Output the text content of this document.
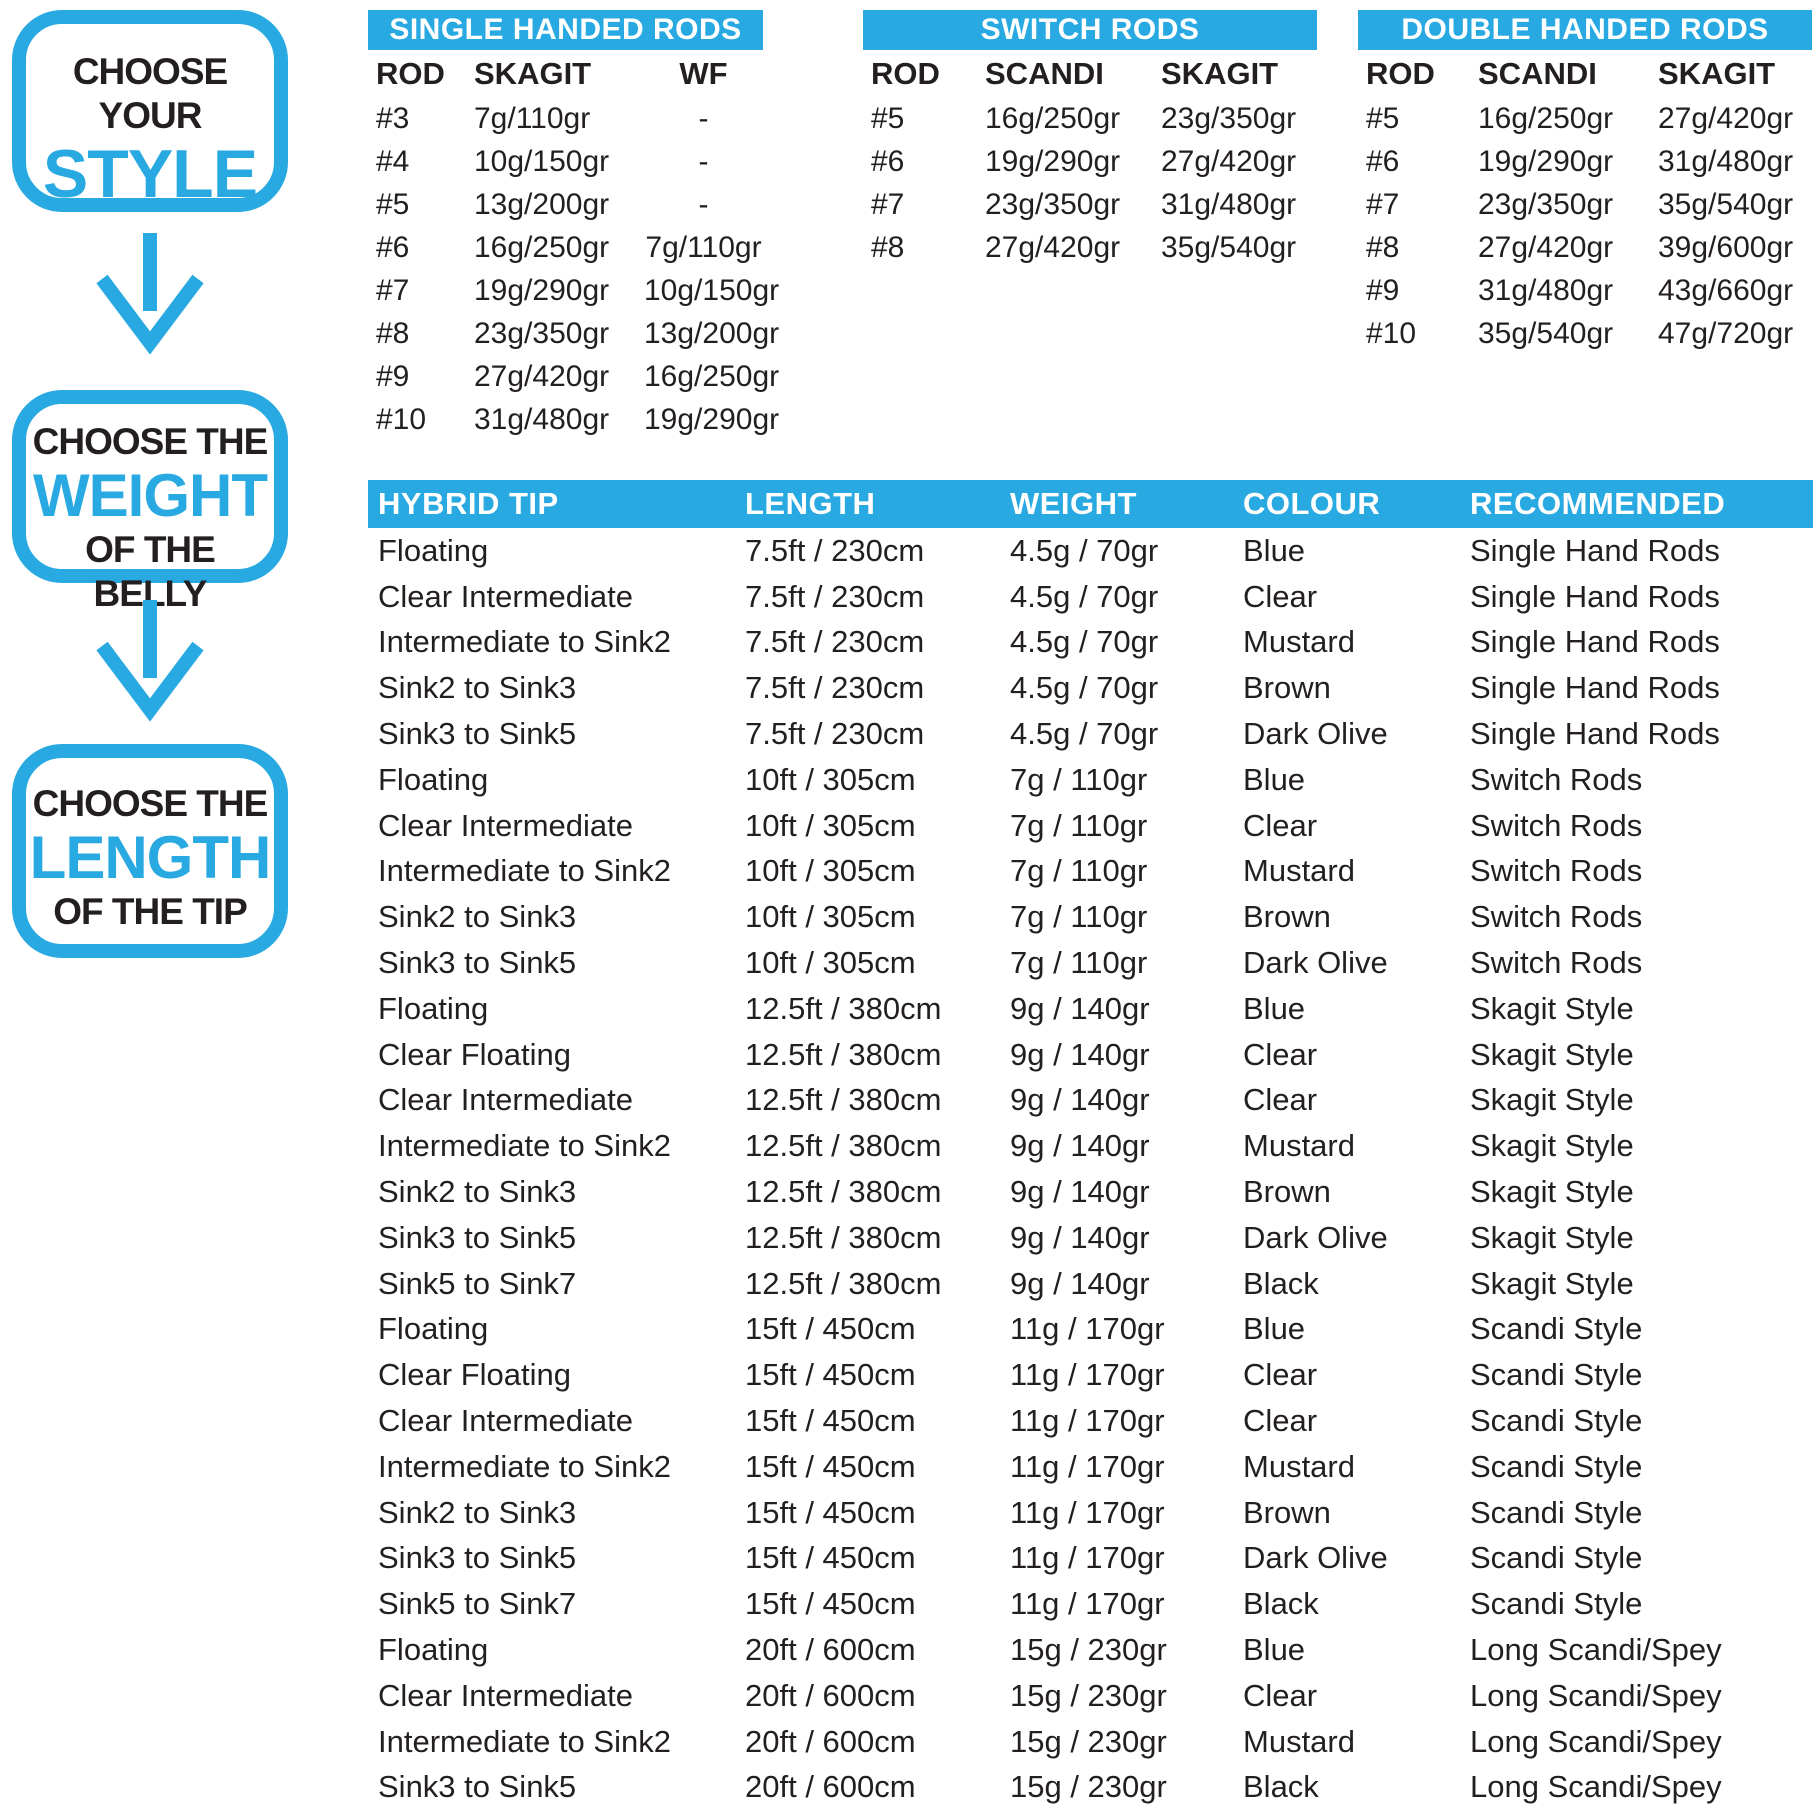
CHOOSE YOUR
STYLE
CHOOSE THE
WEIGHT
OF THE BELLY
CHOOSE THE
LENGTH
OF THE TIP
SINGLE HANDED RODS
ROD SKAGIT	WF
#3	7g/110gr	-
#4	10g/150gr	-
#5	13g/200gr	-
#6	16g/250gr	7g/110gr
#7	19g/290gr	10g/150gr
#8	23g/350gr	13g/200gr
#9	27g/420gr	16g/250gr
#10	31g/480gr	19g/290gr
SWITCH RODS
ROD	SCANDI	SKAGIT
#5	16g/250gr	23g/350gr
#6	19g/290gr	27g/420gr
#7	23g/350gr	31g/480gr
#8	27g/420gr	35g/540gr
DOUBLE HANDED RODS
ROD	SCANDI	SKAGIT
#5	16g/250gr	27g/420gr
#6	19g/290gr	31g/480gr
#7	23g/350gr	35g/540gr
#8	27g/420gr	39g/600gr
#9	31g/480gr	43g/660gr
#10	35g/540gr	47g/720gr
HYBRID TIP	LENGTH	WEIGHT	COLOUR	RECOMMENDED
Floating	7.5ft / 230cm	4.5g / 70gr	Blue	Single Hand Rods
Clear Intermediate	7.5ft / 230cm	4.5g / 70gr	Clear	Single Hand Rods
Intermediate to Sink2	7.5ft / 230cm	4.5g / 70gr	Mustard	Single Hand Rods
Sink2 to Sink3	7.5ft / 230cm	4.5g / 70gr	Brown	Single Hand Rods
Sink3 to Sink5	7.5ft / 230cm	4.5g / 70gr	Dark Olive	Single Hand Rods
Floating	10ft / 305cm	7g / 110gr	Blue	Switch Rods
Clear Intermediate	10ft / 305cm	7g / 110gr	Clear	Switch Rods
Intermediate to Sink2	10ft / 305cm	7g / 110gr	Mustard	Switch Rods
Sink2 to Sink3	10ft / 305cm	7g / 110gr	Brown	Switch Rods
Sink3 to Sink5	10ft / 305cm	7g / 110gr	Dark Olive	Switch Rods
Floating	12.5ft / 380cm	9g / 140gr	Blue	Skagit Style
Clear Floating	12.5ft / 380cm	9g / 140gr	Clear	Skagit Style
Clear Intermediate	12.5ft / 380cm	9g / 140gr	Clear	Skagit Style
Intermediate to Sink2	12.5ft / 380cm	9g / 140gr	Mustard	Skagit Style
Sink2 to Sink3	12.5ft / 380cm	9g / 140gr	Brown	Skagit Style
Sink3 to Sink5	12.5ft / 380cm	9g / 140gr	Dark Olive	Skagit Style
Sink5 to Sink7	12.5ft / 380cm	9g / 140gr	Black	Skagit Style
Floating	15ft / 450cm	11g / 170gr	Blue	Scandi Style
Clear Floating	15ft / 450cm	11g / 170gr	Clear	Scandi Style
Clear Intermediate	15ft / 450cm	11g / 170gr	Clear	Scandi Style
Intermediate to Sink2	15ft / 450cm	11g / 170gr	Mustard	Scandi Style
Sink2 to Sink3	15ft / 450cm	11g / 170gr	Brown	Scandi Style
Sink3 to Sink5	15ft / 450cm	11g / 170gr	Dark Olive	Scandi Style
Sink5 to Sink7	15ft / 450cm	11g / 170gr	Black	Scandi Style
Floating	20ft / 600cm	15g / 230gr	Blue	Long Scandi/Spey
Clear Intermediate	20ft / 600cm	15g / 230gr	Clear	Long Scandi/Spey
Intermediate to Sink2	20ft / 600cm	15g / 230gr	Mustard	Long Scandi/Spey
Sink3 to Sink5	20ft / 600cm	15g / 230gr	Black	Long Scandi/Spey
